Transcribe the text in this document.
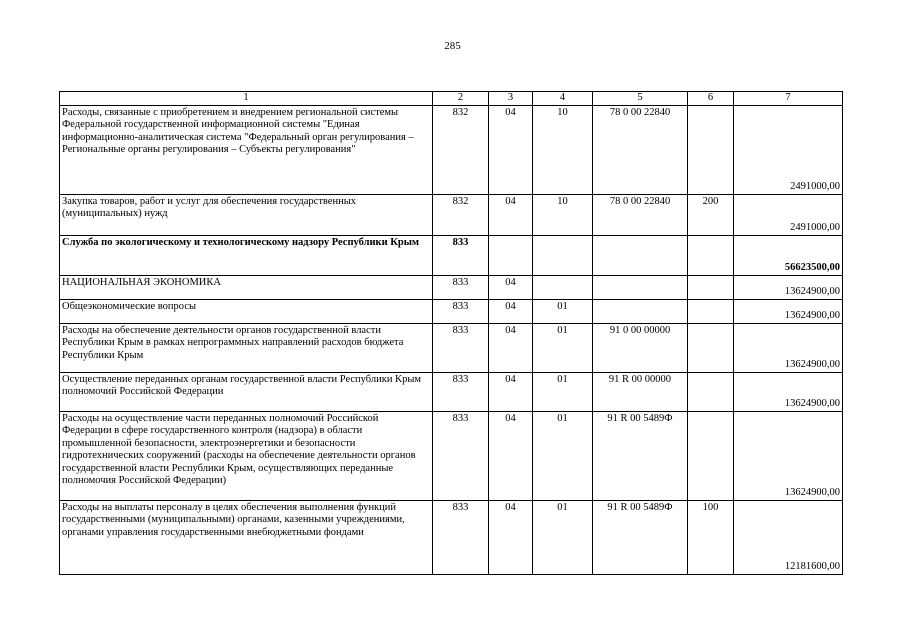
285
1	2	3	4	5	6	7
Расходы, связанные с приобретением и внедрением региональной системы Федеральной государственной информационной системы "Единая информационно-аналитическая система "Федеральный орган регулирования – Региональные органы регулирования – Субъекты регулирования"	832	04	10	78 0 00 22840		2491000,00
Закупка товаров, работ и услуг для обеспечения государственных (муниципальных) нужд	832	04	10	78 0 00 22840	200	2491000,00
Служба по экологическому и технологическому надзору Республики Крым	833					56623500,00
НАЦИОНАЛЬНАЯ ЭКОНОМИКА	833	04				13624900,00
Общеэкономические вопросы	833	04	01			13624900,00
Расходы на обеспечение деятельности органов государственной власти Республики Крым в рамках непрограммных направлений расходов бюджета Республики Крым	833	04	01	91 0 00 00000		13624900,00
Осуществление переданных органам государственной власти Республики Крым полномочий Российской Федерации	833	04	01	91 R 00 00000		13624900,00
Расходы на осуществление части переданных полномочий Российской Федерации в сфере государственного контроля (надзора) в области промышленной безопасности, электроэнергетики и безопасности гидротехнических сооружений (расходы на обеспечение деятельности органов государственной власти Республики Крым, осуществляющих переданные полномочия Российской Федерации)	833	04	01	91 R 00 5489Ф		13624900,00
Расходы на выплаты персоналу в целях обеспечения выполнения функций государственными (муниципальными) органами, казенными учреждениями, органами управления государственными внебюджетными фондами	833	04	01	91 R 00 5489Ф	100	12181600,00
